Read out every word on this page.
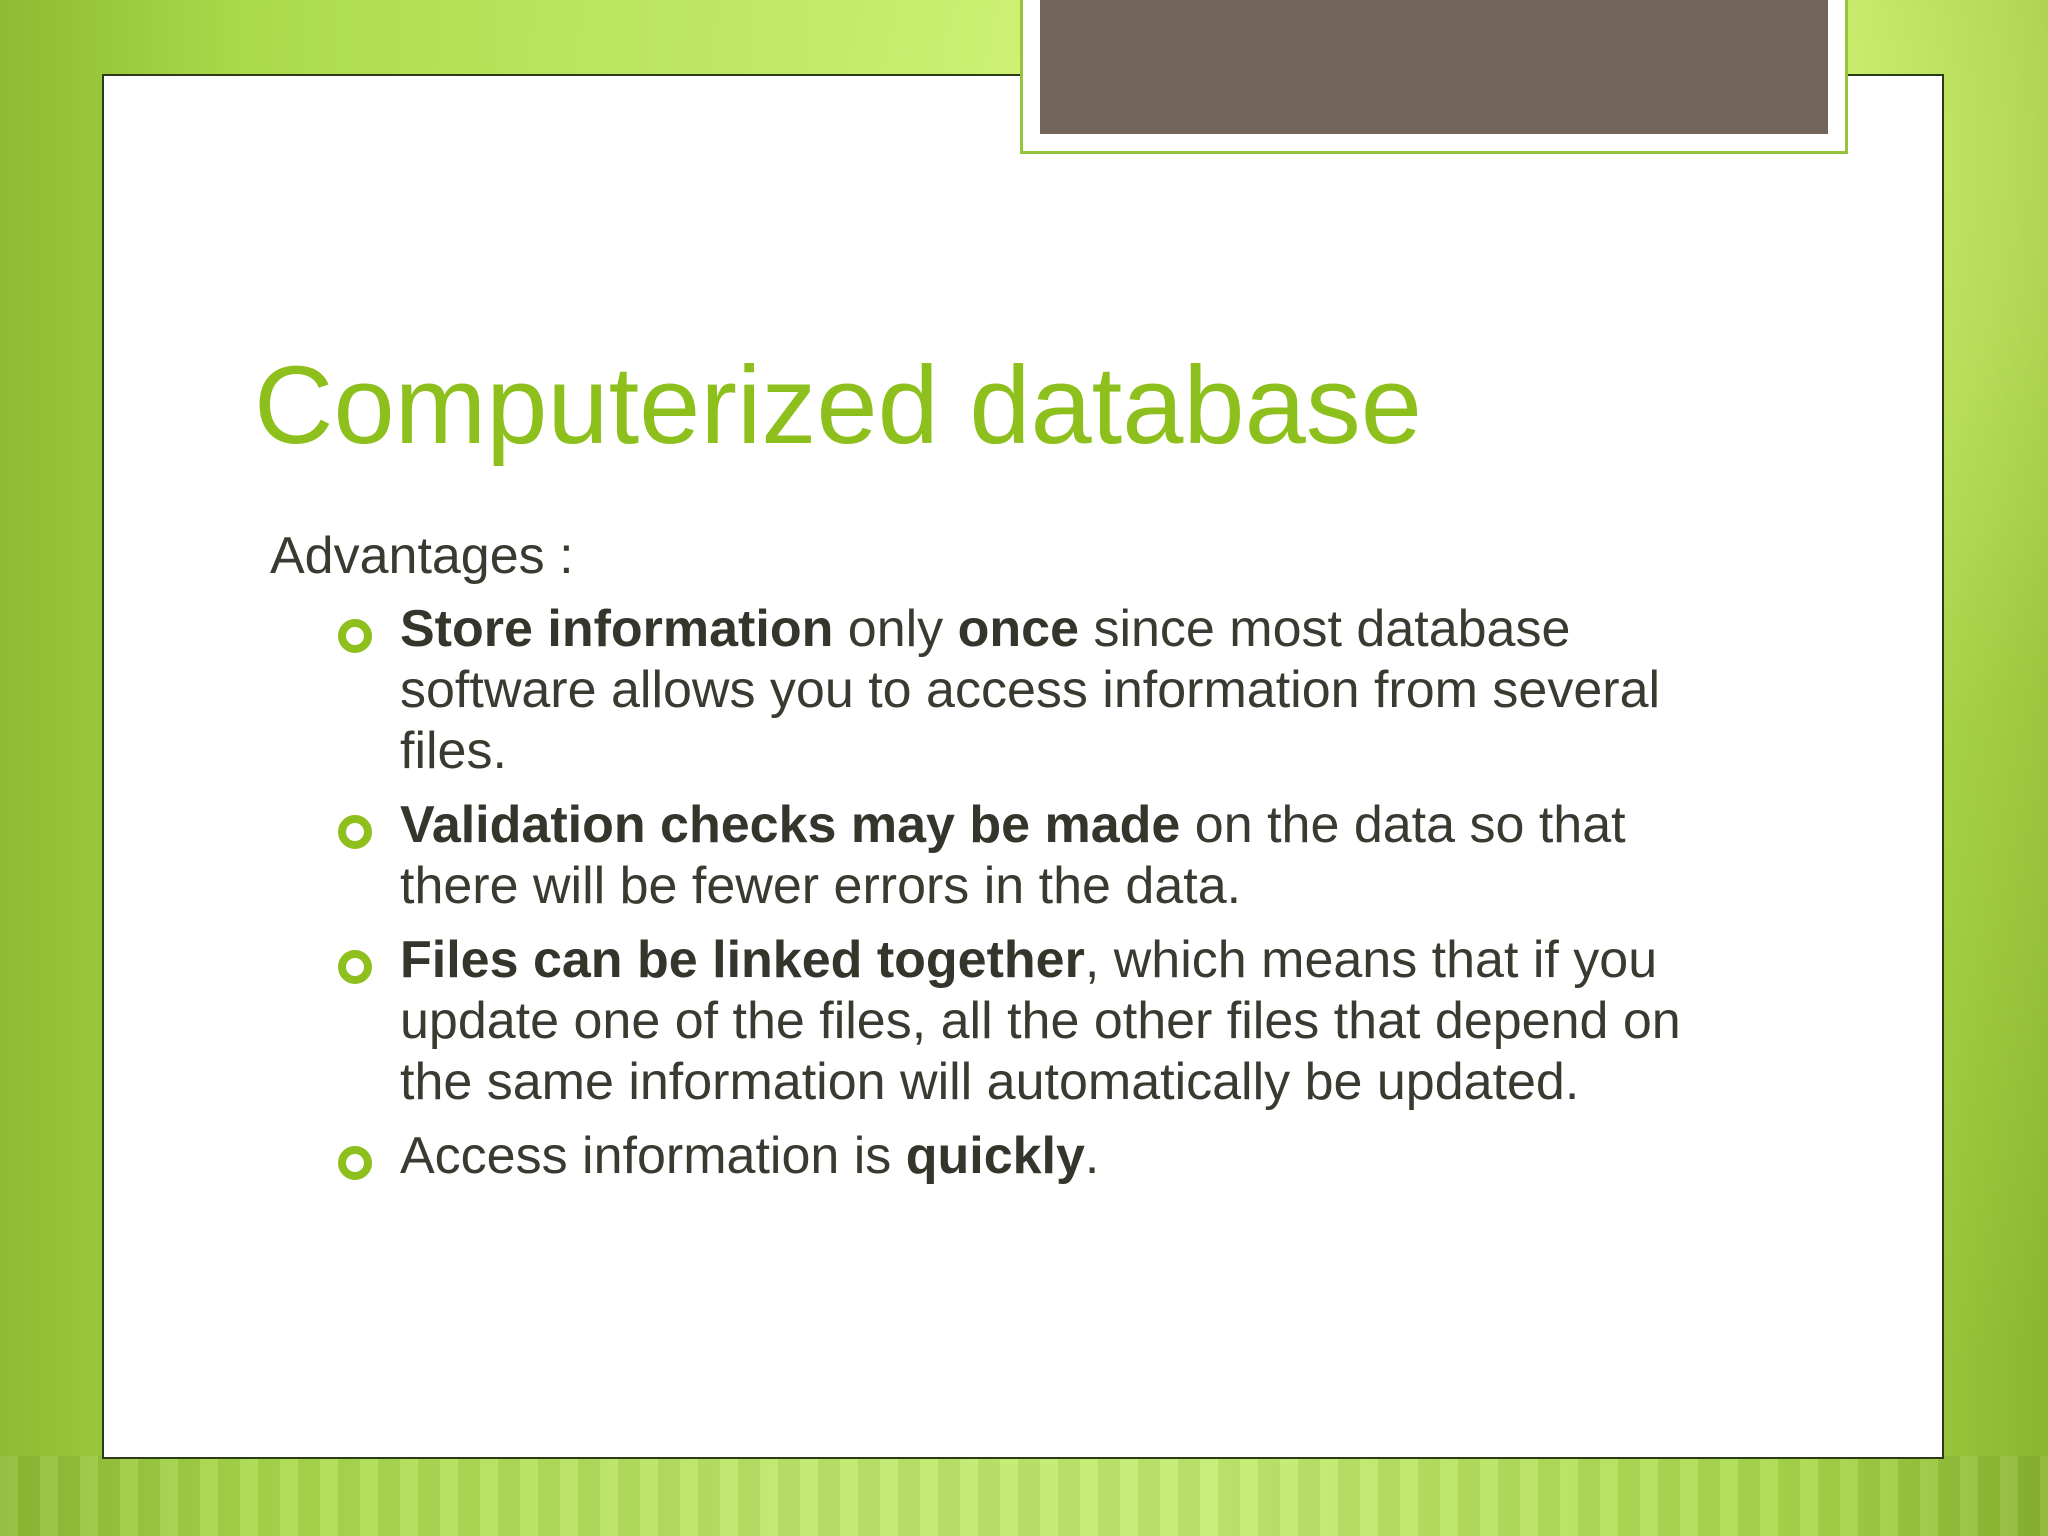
Computerized database

Advantages :

Store information only once since most database software allows you to access information from several files.
Validation checks may be made on the data so that there will be fewer errors in the data.
Files can be linked together, which means that if you update one of the files, all the other files that depend on the same information will automatically be updated.
Access information is quickly.
